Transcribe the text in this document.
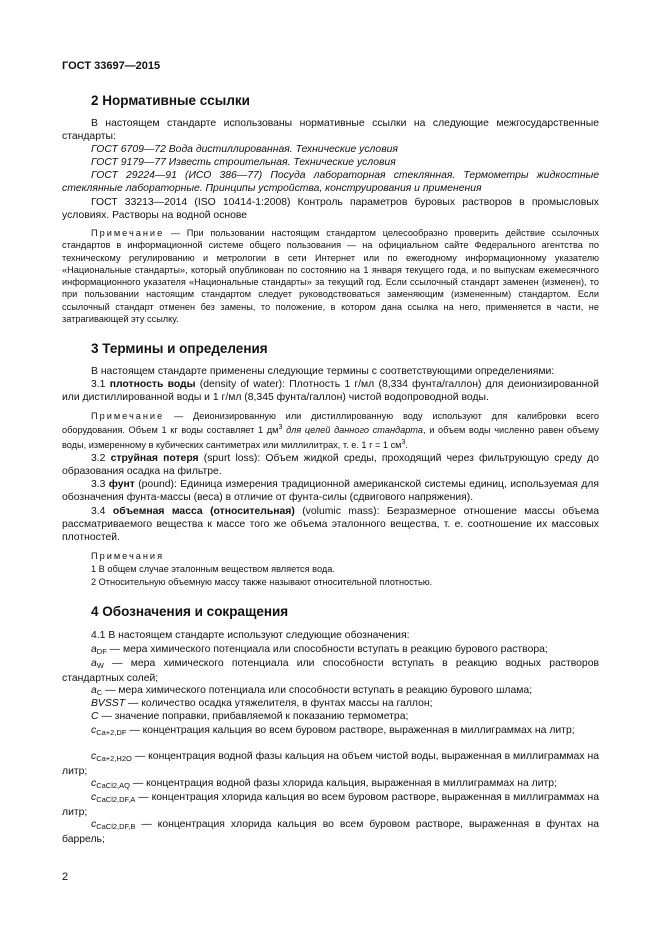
ГОСТ 33697—2015
2 Нормативные ссылки
В настоящем стандарте использованы нормативные ссылки на следующие межгосударственные стандарты:
ГОСТ 6709—72 Вода дистиллированная. Технические условия
ГОСТ 9179—77 Известь строительная. Технические условия
ГОСТ 29224—91 (ИСО 386—77) Посуда лабораторная стеклянная. Термометры жидкостные стеклянные лабораторные. Принципы устройства, конструирования и применения
ГОСТ 33213—2014 (ISO 10414-1:2008) Контроль параметров буровых растворов в промысловых условиях. Растворы на водной основе
Примечание — При пользовании настоящим стандартом целесообразно проверить действие ссылочных стандартов в информационной системе общего пользования — на официальном сайте Федерального агентства по техническому регулированию и метрологии в сети Интернет или по ежегодному информационному указателю «Национальные стандарты», который опубликован по состоянию на 1 января текущего года, и по выпускам ежемесячного информационного указателя «Национальные стандарты» за текущий год. Если ссылочный стандарт заменен (изменен), то при пользовании настоящим стандартом следует руководствоваться заменяющим (измененным) стандартом. Если ссылочный стандарт отменен без замены, то положение, в котором дана ссылка на него, применяется в части, не затрагивающей эту ссылку.
3 Термины и определения
В настоящем стандарте применены следующие термины с соответствующими определениями:
3.1 плотность воды (density of water): Плотность 1 г/мл (8,334 фунта/галлон) для деионизированной или дистиллированной воды и 1 г/мл (8,345 фунта/галлон) чистой водопроводной воды.
Примечание — Деионизированную или дистиллированную воду используют для калибровки всего оборудования. Объем 1 кг воды составляет 1 $дм^3$ для целей данного стандарта, и объем воды численно равен объему воды, измеренному в кубических сантиметрах или миллилитрах, т. е. 1 г = 1 $см^3$.
3.2 струйная потеря (spurt loss): Объем жидкой среды, проходящий через фильтрующую среду до образования осадка на фильтре.
3.3 фунт (pound): Единица измерения традиционной американской системы единиц, используемая для обозначения фунта-массы (веса) в отличие от фунта-силы (сдвигового напряжения).
3.4 объемная масса (относительная) (volumic mass): Безразмерное отношение массы объема рассматриваемого вещества к массе того же объема эталонного вещества, т. е. соотношение их массовых плотностей.
Примечания
1 В общем случае эталонным веществом является вода.
2 Относительную объемную массу также называют относительной плотностью.
4 Обозначения и сокращения
4.1 В настоящем стандарте используют следующие обозначения:
$a_{DF}$ — мера химического потенциала или способности вступать в реакцию бурового раствора;
$a_W$ — мера химического потенциала или способности вступать в реакцию водных растворов стандартных солей;
$a_C$ — мера химического потенциала или способности вступать в реакцию бурового шлама;
BVSST — количество осадка утяжелителя, в фунтах массы на галлон;
C — значение поправки, прибавляемой к показанию термометра;
$c_{Ca+2,DF}$ — концентрация кальция во всем буровом растворе, выраженная в миллиграммах на литр;
$c_{Ca+2,H2O}$ — концентрация водной фазы кальция на объем чистой воды, выраженная в миллиграммах на литр;
$c_{CaCl2,AQ}$ — концентрация водной фазы хлорида кальция, выраженная в миллиграммах на литр;
$c_{CaCl2,DF,A}$ — концентрация хлорида кальция во всем буровом растворе, выраженная в миллиграммах на литр;
$c_{CaCl2,DF,B}$ — концентрация хлорида кальция во всем буровом растворе, выраженная в фунтах на баррель;
2
